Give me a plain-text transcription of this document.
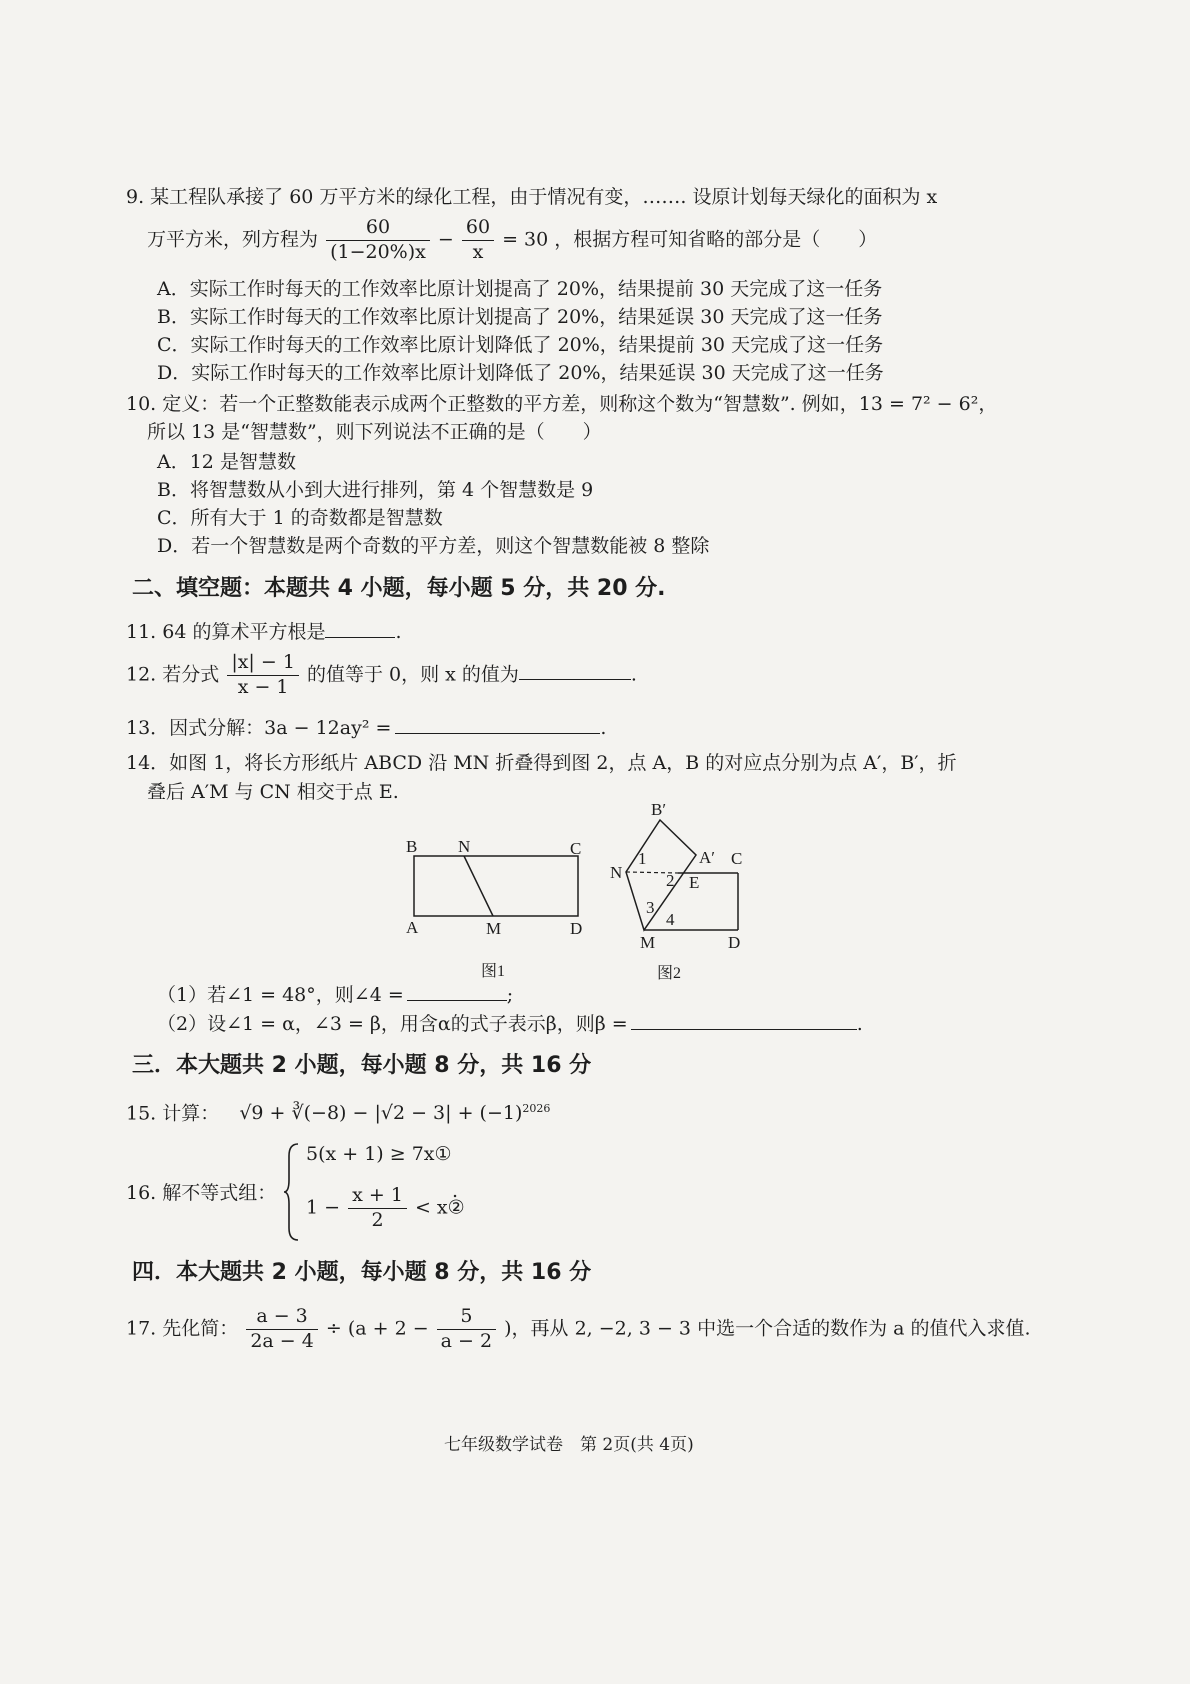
9. 某工程队承接了 60 万平方米的绿化工程，由于情况有变，……. 设原计划每天绿化的面积为 x
万平方米，列方程为 $\frac{60}{(1-20\%)x} - \frac{60}{x} = 30$ ，根据方程可知省略的部分是（　　）
A．实际工作时每天的工作效率比原计划提高了 20%，结果提前 30 天完成了这一任务
B．实际工作时每天的工作效率比原计划提高了 20%，结果延误 30 天完成了这一任务
C．实际工作时每天的工作效率比原计划降低了 20%，结果提前 30 天完成了这一任务
D．实际工作时每天的工作效率比原计划降低了 20%，结果延误 30 天完成了这一任务
10. 定义：若一个正整数能表示成两个正整数的平方差，则称这个数为“智慧数”. 例如，13 = 7² − 6²，
所以 13 是“智慧数”，则下列说法不正确的是（　　）
A．12 是智慧数
B．将智慧数从小到大进行排列，第 4 个智慧数是 9
C．所有大于 1 的奇数都是智慧数
D．若一个智慧数是两个奇数的平方差，则这个智慧数能被 8 整除
二、填空题：本题共 4 小题，每小题 5 分，共 20 分.
11. 64 的算术平方根是	.
12. 若分式 $\frac{|x| - 1}{x - 1}$ 的值等于 0，则 x 的值为	.
13．因式分解：3a − 12ay² =	.
14．如图 1，将长方形纸片 ABCD 沿 MN 折叠得到图 2，点 A，B 的对应点分别为点 A′，B′，折
叠后 A′M 与 CN 相交于点 E.
B N	C
A	M	D
图1
B′
N
1	A′ C
2 E
3
4
M	D
图2
（1）若∠1 = 48°，则∠4 =	;
（2）设∠1 = α，∠3 = β，用含α的式子表示β，则β =	.
三．本大题共 2 小题，每小题 8 分，共 16 分
15. 计算： √9 + ∛(−8) − $|√2 - 3| + (-1)^{2026}$
16. 解不等式组：
5(x + 1) ≥ 7x①
$1 - \frac{x + 1}{2}$ < x②
.
四．本大题共 2 小题，每小题 8 分，共 16 分
17. 先化简： $\frac{a - 3}{2a - 4} \div (a + 2 - \frac{5}{a - 2}$ )，再从 2, −2, 3 − 3 中选一个合适的数作为 a 的值代入求值.
七年级数学试卷　第 2页(共 4页)
